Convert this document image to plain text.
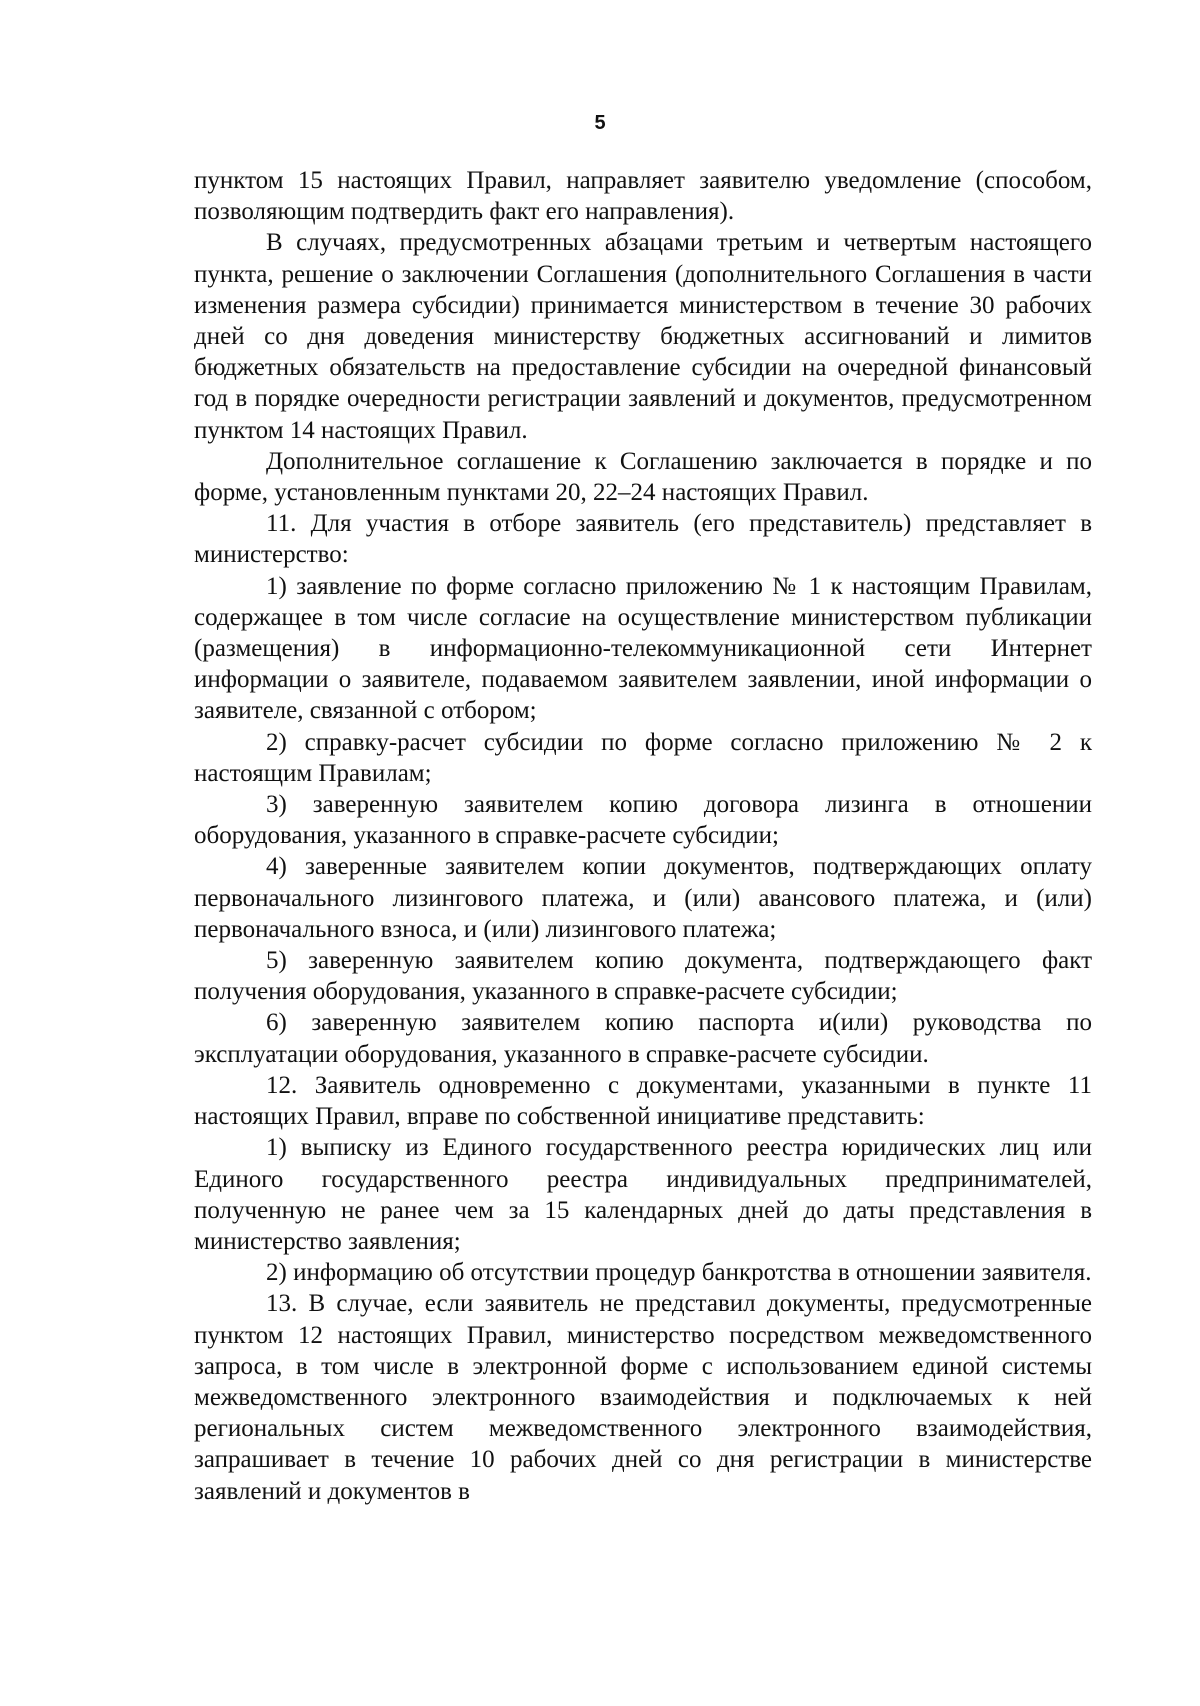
5

пунктом 15 настоящих Правил, направляет заявителю уведомление (способом, позволяющим подтвердить факт его направления).

В случаях, предусмотренных абзацами третьим и четвертым настоящего пункта, решение о заключении Соглашения (дополнительного Соглашения в части изменения размера субсидии) принимается министерством в течение 30 рабочих дней со дня доведения министерству бюджетных ассигнований и лимитов бюджетных обязательств на предоставление субсидии на очередной финансовый год в порядке очередности регистрации заявлений и документов, предусмотренном пунктом 14 настоящих Правил.

Дополнительное соглашение к Соглашению заключается в порядке и по форме, установленным пунктами 20, 22–24 настоящих Правил.

11. Для участия в отборе заявитель (его представитель) представляет в министерство:

1) заявление по форме согласно приложению № 1 к настоящим Правилам, содержащее в том числе согласие на осуществление министерством публикации (размещения) в информационно-телекоммуникационной сети Интернет информации о заявителе, подаваемом заявителем заявлении, иной информации о заявителе, связанной с отбором;

2) справку-расчет субсидии по форме согласно приложению № 2 к настоящим Правилам;

3) заверенную заявителем копию договора лизинга в отношении оборудования, указанного в справке-расчете субсидии;

4) заверенные заявителем копии документов, подтверждающих оплату первоначального лизингового платежа, и (или) авансового платежа, и (или) первоначального взноса, и (или) лизингового платежа;

5) заверенную заявителем копию документа, подтверждающего факт получения оборудования, указанного в справке-расчете субсидии;

6) заверенную заявителем копию паспорта и(или) руководства по эксплуатации оборудования, указанного в справке-расчете субсидии.

12. Заявитель одновременно с документами, указанными в пункте 11 настоящих Правил, вправе по собственной инициативе представить:

1) выписку из Единого государственного реестра юридических лиц или Единого государственного реестра индивидуальных предпринимателей, полученную не ранее чем за 15 календарных дней до даты представления в министерство заявления;

2) информацию об отсутствии процедур банкротства в отношении заявителя.

13. В случае, если заявитель не представил документы, предусмотренные пунктом 12 настоящих Правил, министерство посредством межведомственного запроса, в том числе в электронной форме с использованием единой системы межведомственного электронного взаимодействия и подключаемых к ней региональных систем межведомственного электронного взаимодействия, запрашивает в течение 10 рабочих дней со дня регистрации в министерстве заявлений и документов в
